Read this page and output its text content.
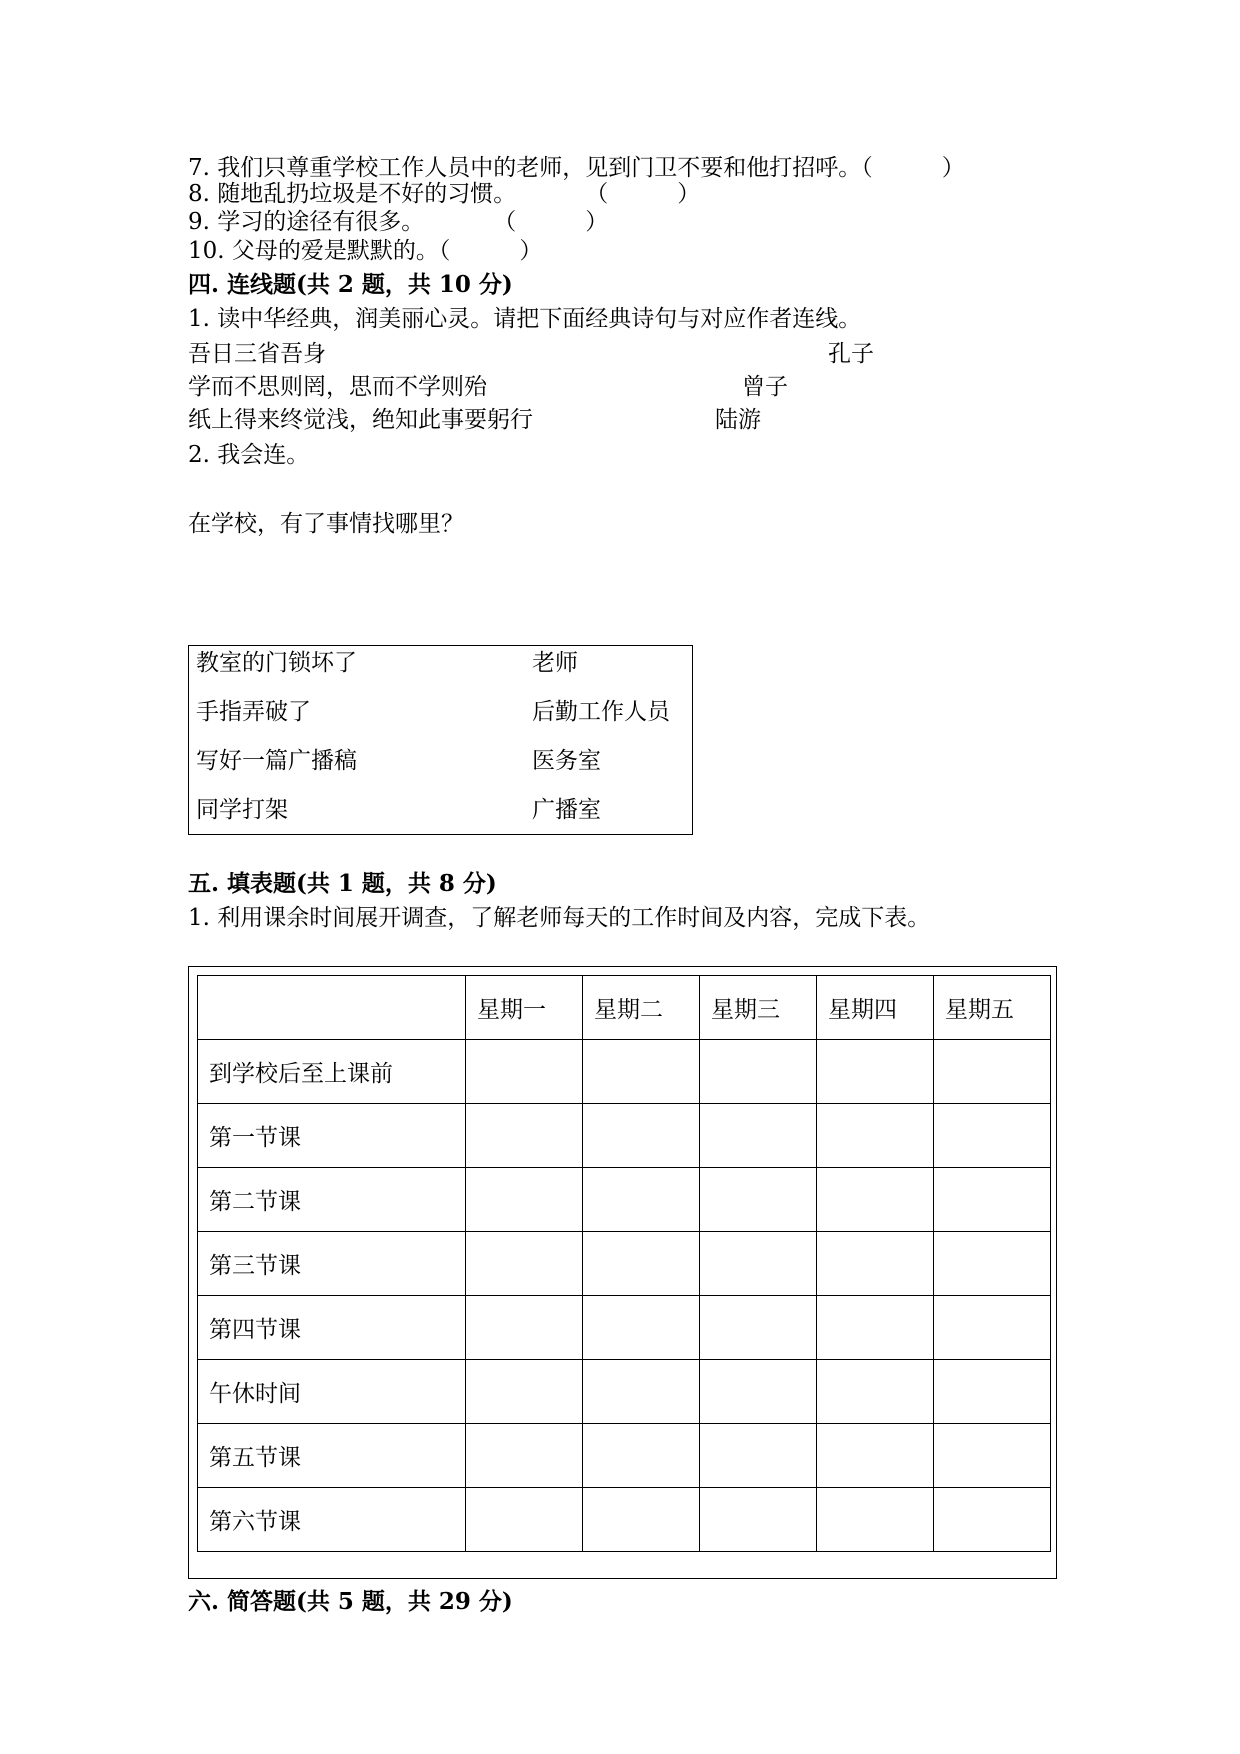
7. 我们只尊重学校工作人员中的老师，见到门卫不要和他打招呼。（　　　）
8. 随地乱扔垃圾是不好的习惯。　　　　（　　　）
9. 学习的途径有很多。　　　　（　　　）
10. 父母的爱是默默的。（　　　）
四. 连线题(共 2 题，共 10 分)
1. 读中华经典，润美丽心灵。请把下面经典诗句与对应作者连线。
吾日三省吾身	孔子
学而不思则罔，思而不学则殆	曾子
纸上得来终觉浅，绝知此事要躬行	陆游
2. 我会连。
在学校，有了事情找哪里？
教室的门锁坏了	老师
手指弄破了	后勤工作人员
写好一篇广播稿	医务室
同学打架	广播室
五. 填表题(共 1 题，共 8 分)
1. 利用课余时间展开调查，了解老师每天的工作时间及内容，完成下表。
	星期一	星期二	星期三	星期四	星期五
到学校后至上课前					
第一节课					
第二节课					
第三节课					
第四节课					
午休时间					
第五节课					
第六节课					
六. 简答题(共 5 题，共 29 分)
